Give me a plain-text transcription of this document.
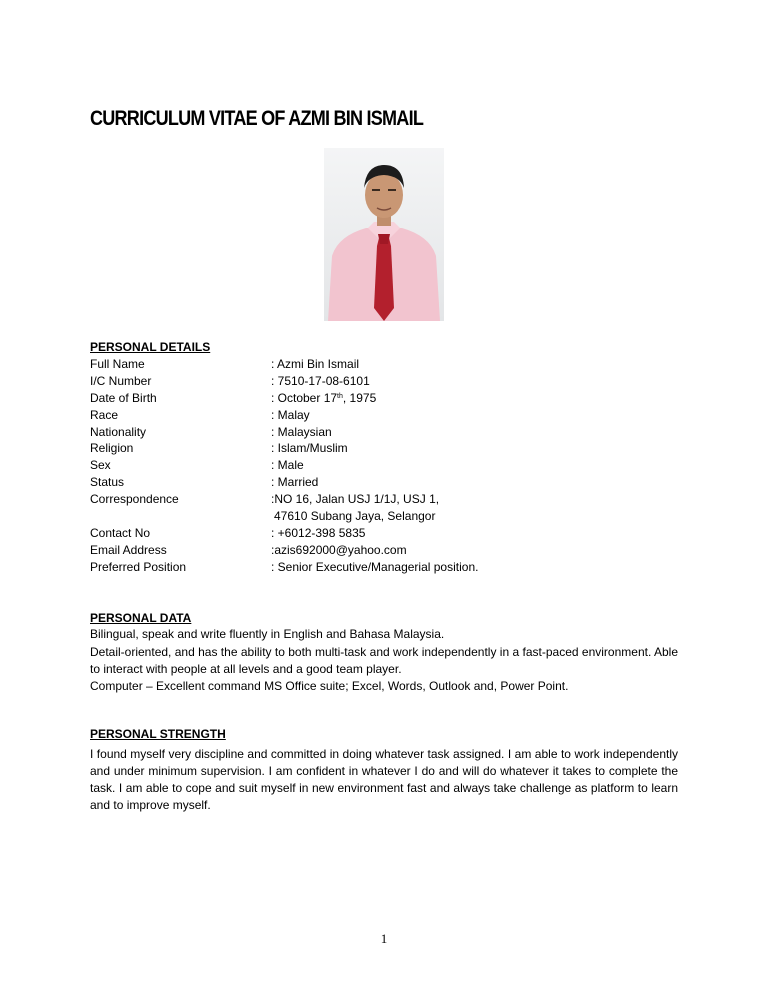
CURRICULUM VITAE OF AZMI BIN ISMAIL
PERSONAL DETAILS
Full Name	: Azmi Bin Ismail
I/C Number	: 7510-17-08-6101
Date of Birth	: October 17th, 1975
Race	: Malay
Nationality	: Malaysian
Religion	: Islam/Muslim
Sex	: Male
Status	: Married
Correspondence	:NO 16, Jalan USJ 1/1J, USJ 1,
47610 Subang Jaya, Selangor
Contact No	: +6012-398 5835
Email Address	:azis692000@yahoo.com
Preferred Position	: Senior Executive/Managerial position.
PERSONAL DATA

Bilingual, speak and write fluently in English and Bahasa Malaysia.

Detail-oriented, and has the ability to both multi-task and work independently in a fast-paced environment. Able to interact with people at all levels and a good team player.

Computer – Excellent command MS Office suite; Excel, Words, Outlook and, Power Point.

PERSONAL STRENGTH

I found myself very discipline and committed in doing whatever task assigned. I am able to work independently and under minimum supervision. I am confident in whatever I do and will do whatever it takes to complete the task. I am able to cope and suit myself in new environment fast and always take challenge as platform to learn and to improve myself.

1
